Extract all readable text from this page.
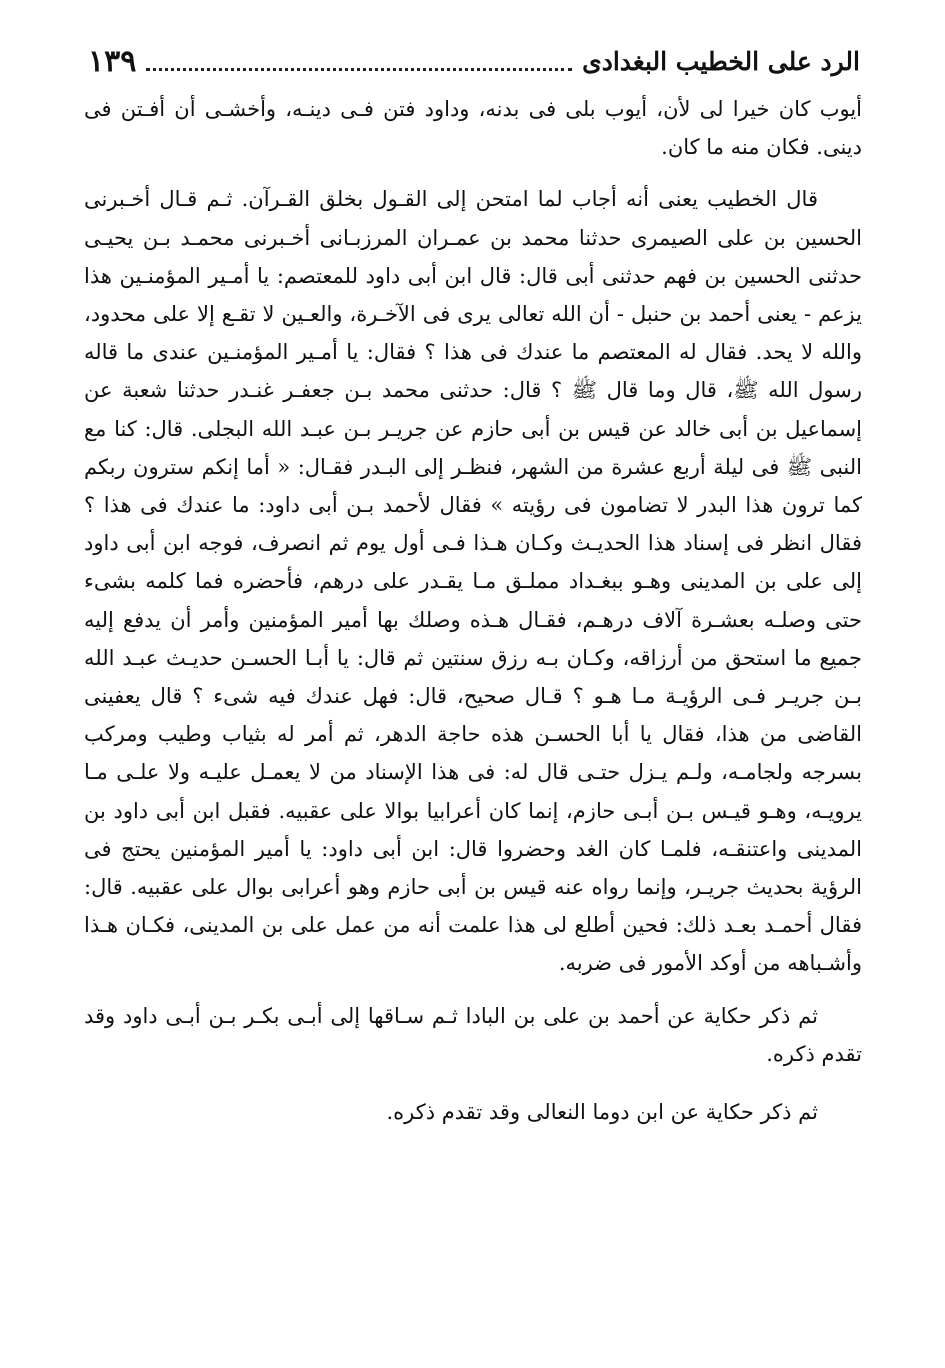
الرد على الخطيب البغدادى
١٣٩

أيوب كان خيرا لى لأن، أيوب بلى فى بدنه، وداود فتن فـى دينـه، وأخشـى أن أفـتن فى دينى. فكان منه ما كان.

قال الخطيب يعنى أنه أجاب لما امتحن إلى القـول بخلق القـرآن. ثـم قـال أخـبرنى الحسين بن على الصيمرى حدثنا محمد بن عمـران المرزبـانى أخـبرنى محمـد بـن يحيـى حدثنى الحسين بن فهم حدثنى أبى قال: قال ابن أبى داود للمعتصم: يا أمـير المؤمنـين هذا يزعم - يعنى أحمد بن حنبل - أن الله تعالى يرى فى الآخـرة، والعـين لا تقـع إلا على محدود، والله لا يحد. فقال له المعتصم ما عندك فى هذا ؟ فقال: يا أمـير المؤمنـين عندى ما قاله رسول الله ﷺ، قال وما قال ﷺ ؟ قال: حدثنى محمد بـن جعفـر غنـدر حدثنا شعبة عن إسماعيل بن أبى خالد عن قيس بن أبى حازم عن جريـر بـن عبـد الله البجلى. قال: كنا مع النبى ﷺ فى ليلة أربع عشرة من الشهر، فنظـر إلى البـدر فقـال: « أما إنكم سترون ربكم كما ترون هذا البدر لا تضامون فى رؤيته » فقال لأحمد بـن أبى داود: ما عندك فى هذا ؟ فقال انظر فى إسناد هذا الحديـث وكـان هـذا فـى أول يوم ثم انصرف، فوجه ابن أبى داود إلى على بن المدينى وهـو ببغـداد مملـق مـا يقـدر على درهم، فأحضره فما كلمه بشىء حتى وصلـه بعشـرة آلاف درهـم، فقـال هـذه وصلك بها أمير المؤمنين وأمر أن يدفع إليه جميع ما استحق من أرزاقه، وكـان بـه رزق سنتين ثم قال: يا أبـا الحسـن حديـث عبـد الله بـن جريـر فـى الرؤيـة مـا هـو ؟ قـال صحيح، قال: فهل عندك فيه شىء ؟ قال يعفينى القاضى من هذا، فقال يا أبا الحسـن هذه حاجة الدهر، ثم أمر له بثياب وطيب ومركب بسرجه ولجامـه، ولـم يـزل حتـى قال له: فى هذا الإسناد من لا يعمـل عليـه ولا علـى مـا يرويـه، وهـو قيـس بـن أبـى حازم، إنما كان أعرابيا بوالا على عقبيه. فقبل ابن أبى داود بن المدينى واعتنقـه، فلمـا كان الغد وحضروا قال: ابن أبى داود: يا أمير المؤمنين يحتج فى الرؤية بحديث جريـر، وإنما رواه عنه قيس بن أبى حازم وهو أعرابى بوال على عقبيه. قال: فقال أحمـد بعـد ذلك: فحين أطلع لى هذا علمت أنه من عمل على بن المدينى، فكـان هـذا وأشـباهه من أوكد الأمور فى ضربه.

ثم ذكر حكاية عن أحمد بن على بن البادا ثـم سـاقها إلى أبـى بكـر بـن أبـى داود وقد تقدم ذكره.

ثم ذكر حكاية عن ابن دوما النعالى وقد تقدم ذكره.
